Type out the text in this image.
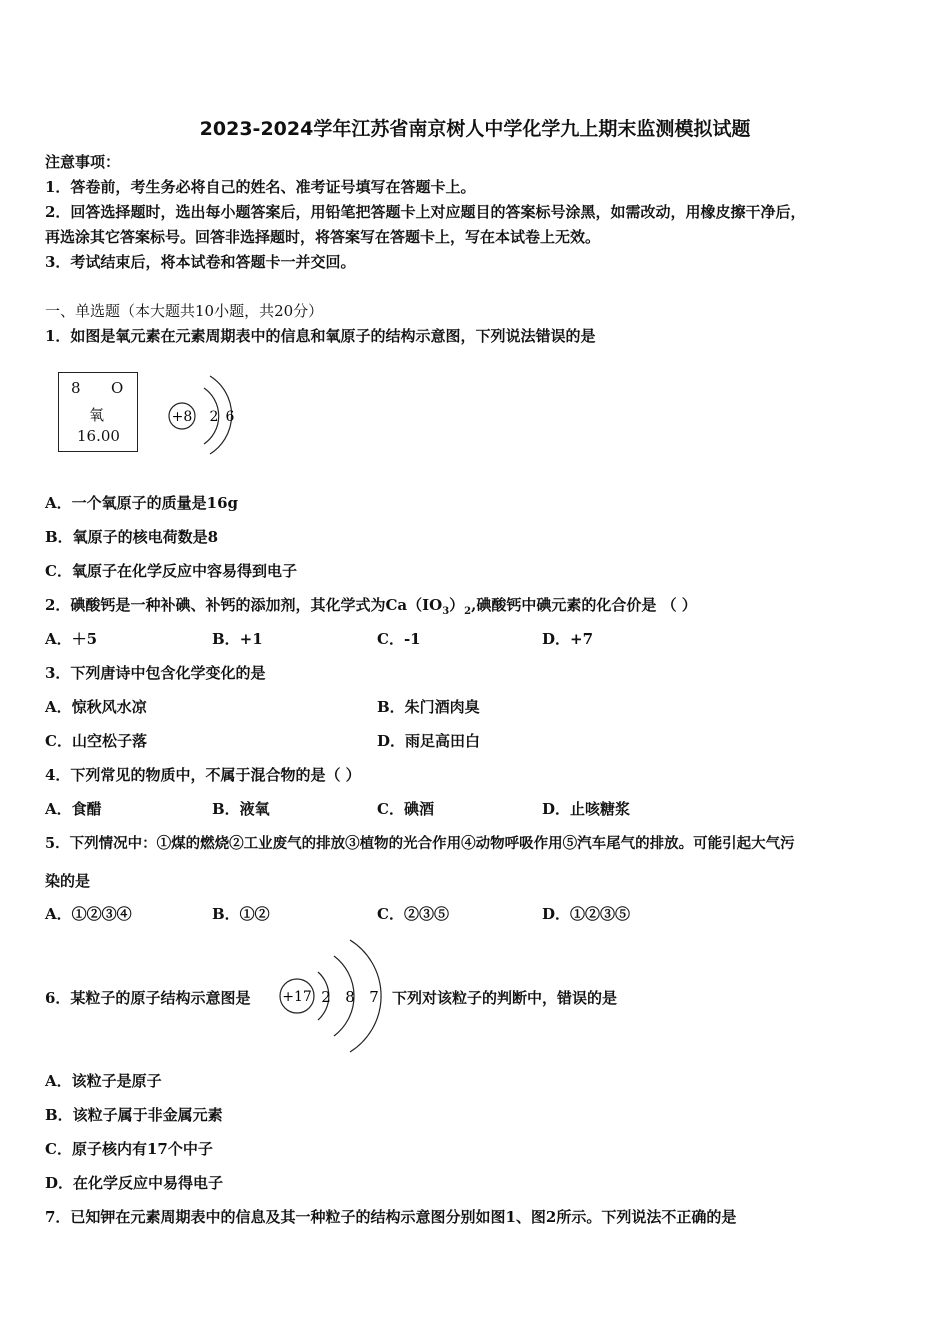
2023-2024学年江苏省南京树人中学化学九上期末监测模拟试题
注意事项：
1．答卷前，考生务必将自己的姓名、准考证号填写在答题卡上。
2．回答选择题时，选出每小题答案后，用铅笔把答题卡上对应题目的答案标号涂黑，如需改动，用橡皮擦干净后，
再选涂其它答案标号。回答非选择题时，将答案写在答题卡上，写在本试卷上无效。
3．考试结束后，将本试卷和答题卡一并交回。
一、单选题（本大题共10小题，共20分）
1．如图是氧元素在元素周期表中的信息和氧原子的结构示意图，下列说法错误的是
8 O
氧
16.00
+8 2 6
A．一个氧原子的质量是16g
B．氧原子的核电荷数是8
C．氧原子在化学反应中容易得到电子
2．碘酸钙是一种补碘、补钙的添加剂，其化学式为$Ca(IO_3)_2$,碘酸钙中碘元素的化合价是 （ ）
A．＋5	B．+1	C．-1	D．+7
3．下列唐诗中包含化学变化的是
A．惊秋风水凉	B．朱门酒肉臭
C．山空松子落	D．雨足高田白
4．下列常见的物质中，不属于混合物的是（ ）
A．食醋	B．液氧	C．碘酒	D．止咳糖浆
5．下列情况中：①煤的燃烧②工业废气的排放③植物的光合作用④动物呼吸作用⑤汽车尾气的排放。可能引起大气污
染的是
A．①②③④	B．①②	C．②③⑤	D．①②③⑤
6．某粒子的原子结构示意图是 +17 2 8 7 下列对该粒子的判断中，错误的是
A．该粒子是原子
B．该粒子属于非金属元素
C．原子核内有17个中子
D．在化学反应中易得电子
7．已知钾在元素周期表中的信息及其一种粒子的结构示意图分别如图1、图2所示。下列说法不正确的是
